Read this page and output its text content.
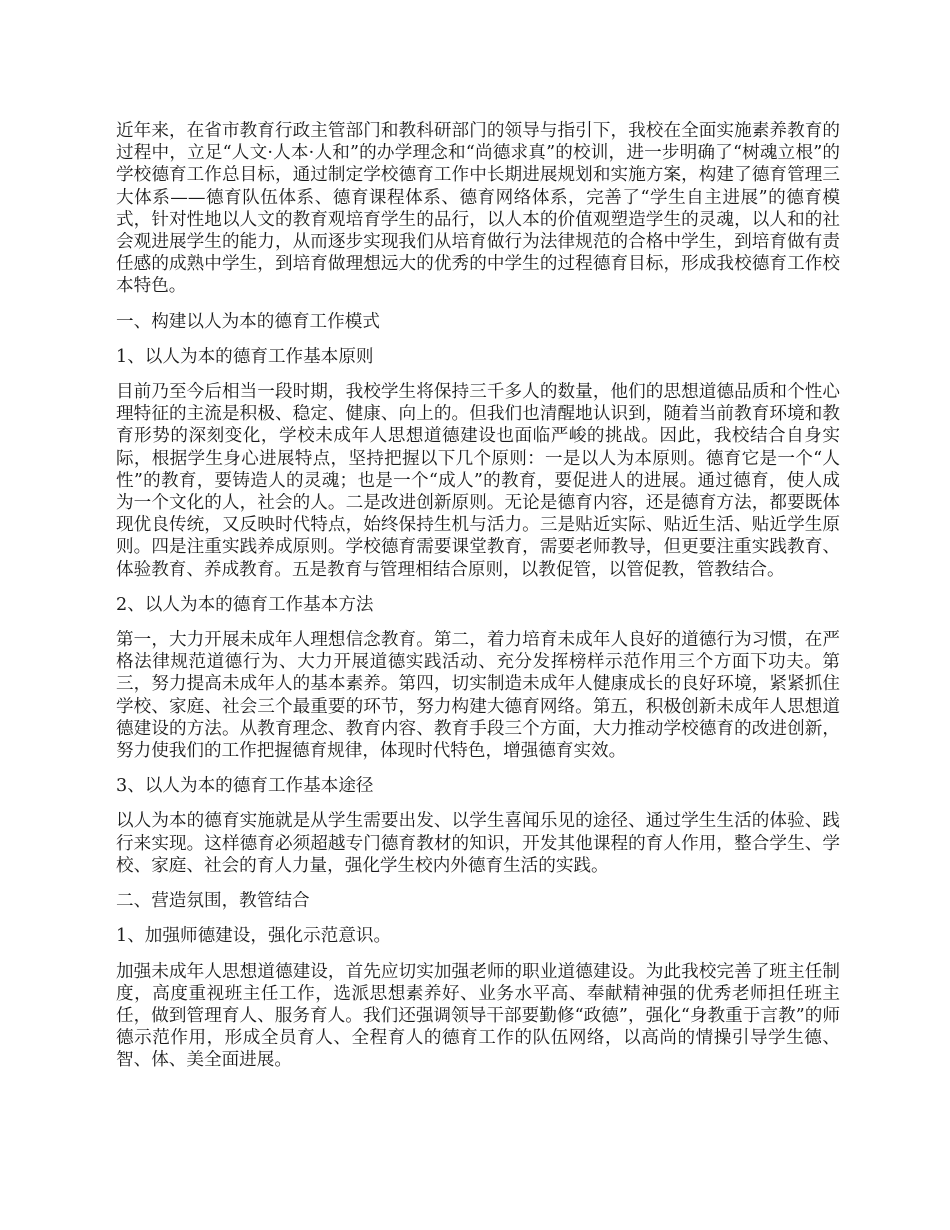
近年来，在省市教育行政主管部门和教科研部门的领导与指引下，我校在全面实施素养教育的过程中，立足“人文·人本·人和”的办学理念和“尚德求真”的校训，进一步明确了“树魂立根”的学校德育工作总目标，通过制定学校德育工作中长期进展规划和实施方案，构建了德育管理三大体系——德育队伍体系、德育课程体系、德育网络体系，完善了“学生自主进展”的德育模式，针对性地以人文的教育观培育学生的品行，以人本的价值观塑造学生的灵魂，以人和的社会观进展学生的能力，从而逐步实现我们从培育做行为法律规范的合格中学生，到培育做有责任感的成熟中学生，到培育做理想远大的优秀的中学生的过程德育目标，形成我校德育工作校本特色。

一、构建以人为本的德育工作模式

1、以人为本的德育工作基本原则

目前乃至今后相当一段时期，我校学生将保持三千多人的数量，他们的思想道德品质和个性心理特征的主流是积极、稳定、健康、向上的。但我们也清醒地认识到，随着当前教育环境和教育形势的深刻变化，学校未成年人思想道德建设也面临严峻的挑战。因此，我校结合自身实际，根据学生身心进展特点，坚持把握以下几个原则：一是以人为本原则。德育它是一个“人性”的教育，要铸造人的灵魂；也是一个“成人”的教育，要促进人的进展。通过德育，使人成为一个文化的人，社会的人。二是改进创新原则。无论是德育内容，还是德育方法，都要既体现优良传统，又反映时代特点，始终保持生机与活力。三是贴近实际、贴近生活、贴近学生原则。四是注重实践养成原则。学校德育需要课堂教育，需要老师教导，但更要注重实践教育、体验教育、养成教育。五是教育与管理相结合原则，以教促管，以管促教，管教结合。

2、以人为本的德育工作基本方法

第一，大力开展未成年人理想信念教育。第二，着力培育未成年人良好的道德行为习惯，在严格法律规范道德行为、大力开展道德实践活动、充分发挥榜样示范作用三个方面下功夫。第三，努力提高未成年人的基本素养。第四，切实制造未成年人健康成长的良好环境，紧紧抓住学校、家庭、社会三个最重要的环节，努力构建大德育网络。第五，积极创新未成年人思想道德建设的方法。从教育理念、教育内容、教育手段三个方面，大力推动学校德育的改进创新，努力使我们的工作把握德育规律，体现时代特色，增强德育实效。

3、以人为本的德育工作基本途径

以人为本的德育实施就是从学生需要出发、以学生喜闻乐见的途径、通过学生生活的体验、践行来实现。这样德育必须超越专门德育教材的知识，开发其他课程的育人作用，整合学生、学校、家庭、社会的育人力量，强化学生校内外德育生活的实践。

二、营造氛围，教管结合

1、加强师德建设，强化示范意识。

加强未成年人思想道德建设，首先应切实加强老师的职业道德建设。为此我校完善了班主任制度，高度重视班主任工作，选派思想素养好、业务水平高、奉献精神强的优秀老师担任班主任，做到管理育人、服务育人。我们还强调领导干部要勤修“政德”，强化“身教重于言教”的师德示范作用，形成全员育人、全程育人的德育工作的队伍网络，以高尚的情操引导学生德、智、体、美全面进展。
